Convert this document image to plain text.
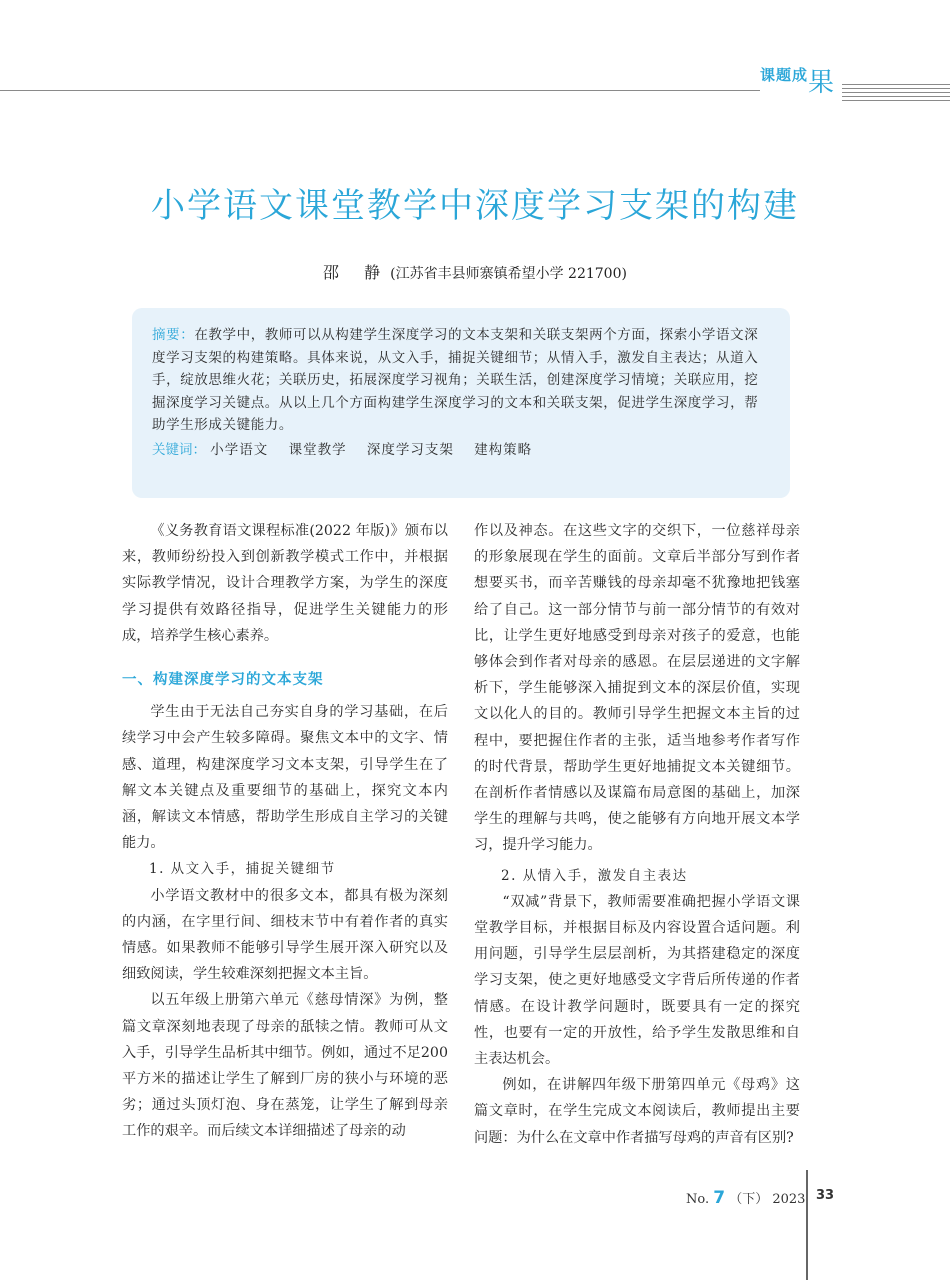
课题成 果
小学语文课堂教学中深度学习支架的构建
邵 静(江苏省丰县师寨镇希望小学 221700)
摘要：在教学中，教师可以从构建学生深度学习的文本支架和关联支架两个方面，探索小学语文深度学习支架的构建策略。具体来说，从文入手，捕捉关键细节；从情入手，激发自主表达；从道入手，绽放思维火花；关联历史，拓展深度学习视角；关联生活，创建深度学习情境；关联应用，挖掘深度学习关键点。从以上几个方面构建学生深度学习的文本和关联支架，促进学生深度学习，帮助学生形成关键能力。
关键词： 小学语文 课堂教学 深度学习支架 建构策略

《义务教育语文课程标准(2022 年版)》颁布以来，教师纷纷投入到创新教学模式工作中，并根据实际教学情况，设计合理教学方案，为学生的深度学习提供有效路径指导，促进学生关键能力的形成，培养学生核心素养。

一、构建深度学习的文本支架

学生由于无法自己夯实自身的学习基础，在后续学习中会产生较多障碍。聚焦文本中的文字、情感、道理，构建深度学习文本支架，引导学生在了解文本关键点及重要细节的基础上，探究文本内涵，解读文本情感，帮助学生形成自主学习的关键能力。

1. 从文入手，捕捉关键细节

小学语文教材中的很多文本，都具有极为深刻的内涵，在字里行间、细枝末节中有着作者的真实情感。如果教师不能够引导学生展开深入研究以及细致阅读，学生较难深刻把握文本主旨。

以五年级上册第六单元《慈母情深》为例，整篇文章深刻地表现了母亲的舐犊之情。教师可从文入手，引导学生品析其中细节。例如，通过不足200平方米的描述让学生了解到厂房的狭小与环境的恶劣；通过头顶灯泡、身在蒸笼，让学生了解到母亲工作的艰辛。而后续文本详细描述了母亲的动

作以及神态。在这些文字的交织下，一位慈祥母亲的形象展现在学生的面前。文章后半部分写到作者想要买书，而辛苦赚钱的母亲却毫不犹豫地把钱塞给了自己。这一部分情节与前一部分情节的有效对比，让学生更好地感受到母亲对孩子的爱意，也能够体会到作者对母亲的感恩。在层层递进的文字解析下，学生能够深入捕捉到文本的深层价值，实现文以化人的目的。教师引导学生把握文本主旨的过程中，要把握住作者的主张，适当地参考作者写作的时代背景，帮助学生更好地捕捉文本关键细节。在剖析作者情感以及谋篇布局意图的基础上，加深学生的理解与共鸣，使之能够有方向地开展文本学习，提升学习能力。

2. 从情入手，激发自主表达

“双减”背景下，教师需要准确把握小学语文课堂教学目标，并根据目标及内容设置合适问题。利用问题，引导学生层层剖析，为其搭建稳定的深度学习支架，使之更好地感受文字背后所传递的作者情感。在设计教学问题时，既要具有一定的探究性，也要有一定的开放性，给予学生发散思维和自主表达机会。

例如，在讲解四年级下册第四单元《母鸡》这篇文章时，在学生完成文本阅读后，教师提出主要问题：为什么在文章中作者描写母鸡的声音有区别?

No. 7 （下） 2023 33
